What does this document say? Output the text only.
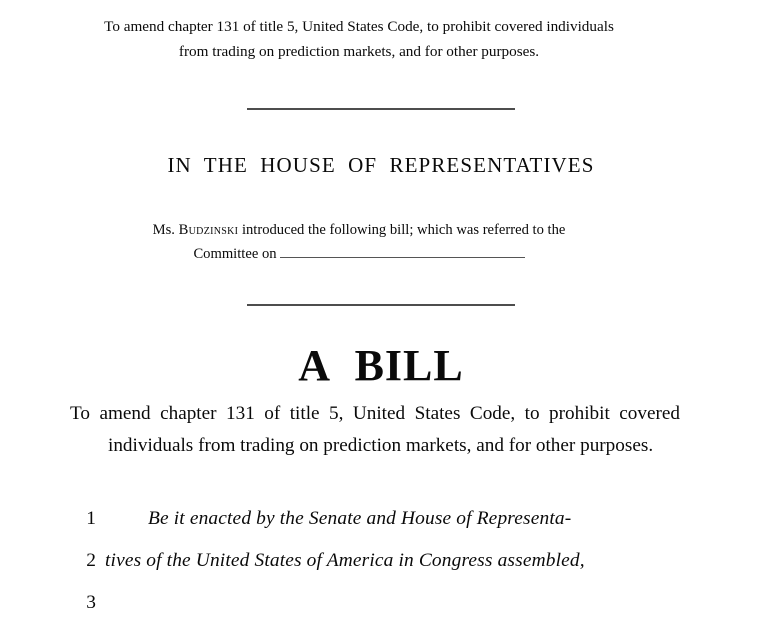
To amend chapter 131 of title 5, United States Code, to prohibit covered individuals from trading on prediction markets, and for other purposes.
IN THE HOUSE OF REPRESENTATIVES
Ms. Budzinski introduced the following bill; which was referred to the
Committee on
A BILL
To amend chapter 131 of title 5, United States Code, to prohibit covered individuals from trading on prediction markets, and for other purposes.
1	Be it enacted by the Senate and House of Representa-
2 tives of the United States of America in Congress assembled,
3
